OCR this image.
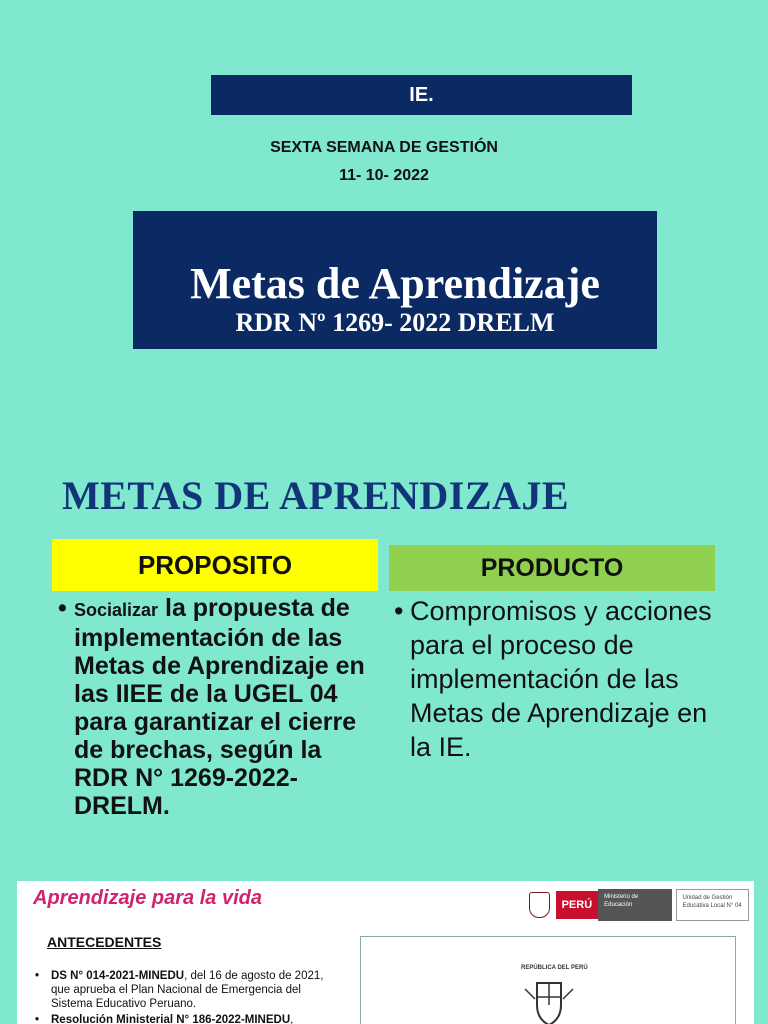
IE.
SEXTA SEMANA DE GESTIÓN
11- 10- 2022
Metas de Aprendizaje
RDR Nº 1269- 2022 DRELM
METAS DE APRENDIZAJE
PROPOSITO	PRODUCTO
• Socializar la propuesta de implementación de las Metas de Aprendizaje en las IIEE de la UGEL 04 para garantizar el cierre de brechas, según la RDR N° 1269-2022-DRELM.
• Compromisos y acciones para el proceso de implementación de las Metas de Aprendizaje en la IE.
Aprendizaje para la vida	PERÚ
Ministerio de Educación
Unidad de Gestión Educativa Local N° 04
ANTECEDENTES
•	DS N° 014-2021-MINEDU, del 16 de agosto de 2021, que aprueba el Plan Nacional de Emergencia del Sistema Educativo Peruano.
•	Resolución Ministerial N° 186-2022-MINEDU,
REPÚBLICA DEL PERÚ
